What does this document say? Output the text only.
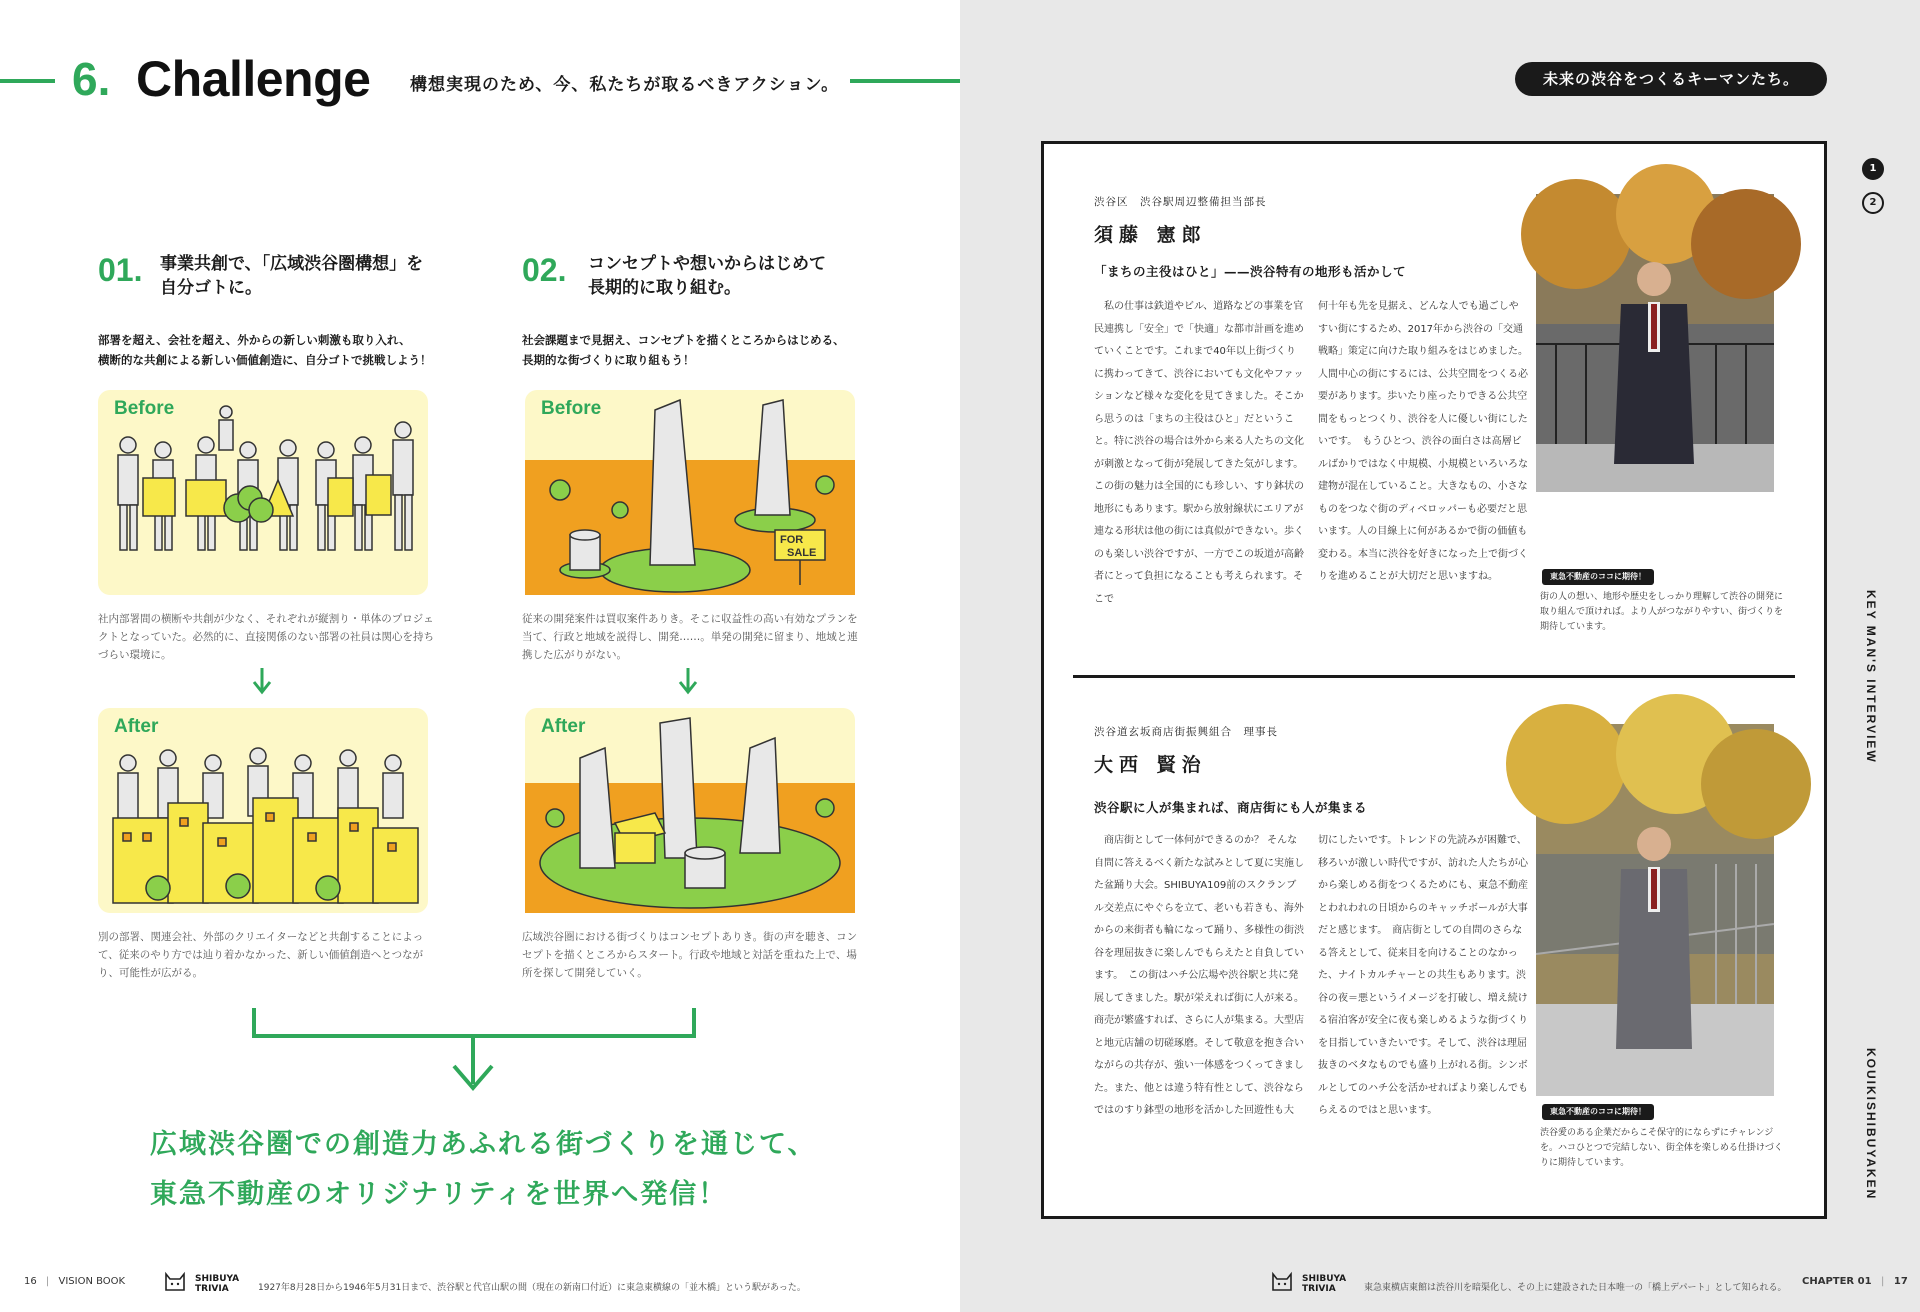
6. Challenge 構想実現のため、今、私たちが取るべきアクション。
01. 事業共創で、「広域渋谷圏構想」を
自分ゴトに。
部署を超え、会社を超え、外からの新しい刺激も取り入れ、
横断的な共創による新しい価値創造に、自分ゴトで挑戦しよう！
Before
社内部署間の横断や共創が少なく、それぞれが縦割り・単体のプロジェクトとなっていた。必然的に、直接関係のない部署の社員は関心を持ちづらい環境に。
After
別の部署、関連会社、外部のクリエイターなどと共創することによって、従来のやり方では辿り着かなかった、新しい価値創造へとつながり、可能性が広がる。
02. コンセプトや想いからはじめて
長期的に取り組む。
社会課題まで見据え、コンセプトを描くところからはじめる、
長期的な街づくりに取り組もう！
FOR
SALE
Before
従来の開発案件は買収案件ありき。そこに収益性の高い有効なプランを当て、行政と地域を説得し、開発……。単発の開発に留まり、地域と連携した広がりがない。
After
広域渋谷圏における街づくりはコンセプトありき。街の声を聴き、コンセプトを描くところからスタート。行政や地域と対話を重ねた上で、場所を探して開発していく。
広域渋谷圏での創造力あふれる街づくりを通じて、
東急不動産のオリジナリティを世界へ発信！
16 | VISION BOOK	SHIBUYA
TRIVIA	1927年8月28日から1946年5月31日まで、渋谷駅と代官山駅の間（現在の新南口付近）に東急東横線の「並木橋」という駅があった。
未来の渋谷をつくるキーマンたち。
渋谷区　渋谷駅周辺整備担当部長
須藤 憲郎
「まちの主役はひと」——渋谷特有の地形も活かして
私の仕事は鉄道やビル、道路などの事業を官民連携し「安全」で「快適」な都市計画を進めていくことです。これまで40年以上街づくりに携わってきて、渋谷においても文化やファッションなど様々な変化を見てきました。そこから思うのは「まちの主役はひと」だということ。特に渋谷の場合は外から来る人たちの文化が刺激となって街が発展してきた気がします。　この街の魅力は全国的にも珍しい、すり鉢状の地形にもあります。駅から放射線状にエリアが連なる形状は他の街には真似ができない。歩くのも楽しい渋谷ですが、一方でこの坂道が高齢者にとって負担になることも考えられます。そこで
何十年も先を見据え、どんな人でも過ごしやすい街にするため、2017年から渋谷の「交通戦略」策定に向けた取り組みをはじめました。人間中心の街にするには、公共空間をつくる必要があります。歩いたり座ったりできる公共空間をもっとつくり、渋谷を人に優しい街にしたいです。　もうひとつ、渋谷の面白さは高層ビルばかりではなく中規模、小規模といろいろな建物が混在していること。大きなもの、小さなものをつなぐ街のディベロッパーも必要だと思います。人の目線上に何があるかで街の価値も変わる。本当に渋谷を好きになった上で街づくりを進めることが大切だと思いますね。	東急不動産のココに期待！
街の人の想い、地形や歴史をしっかり理解して渋谷の開発に取り組んで頂ければ。より人がつながりやすい、街づくりを期待しています。
渋谷道玄坂商店街振興組合　理事長
大西 賢治
渋谷駅に人が集まれば、商店街にも人が集まる
商店街として一体何ができるのか？ そんな自問に答えるべく新たな試みとして夏に実施した盆踊り大会。SHIBUYA109前のスクランブル交差点にやぐらを立て、老いも若きも、海外からの来街者も輪になって踊り、多様性の街渋谷を理屈抜きに楽しんでもらえたと自負しています。　この街はハチ公広場や渋谷駅と共に発展してきました。駅が栄えれば街に人が来る。商売が繁盛すれば、さらに人が集まる。大型店と地元店舗の切磋琢磨。そして敬意を抱き合いながらの共存が、強い一体感をつくってきました。また、他とは違う特有性として、渋谷ならではのすり鉢型の地形を活かした回遊性も大
切にしたいです。トレンドの先読みが困難で、移ろいが激しい時代ですが、訪れた人たちが心から楽しめる街をつくるためにも、東急不動産とわれわれの日頃からのキャッチボールが大事だと感じます。　商店街としての自問のさらなる答えとして、従来目を向けることのなかった、ナイトカルチャーとの共生もあります。渋谷の夜＝悪というイメージを打破し、増え続ける宿泊客が安全に夜も楽しめるような街づくりを目指していきたいです。そして、渋谷は理屈抜きのベタなものでも盛り上がれる街。シンボルとしてのハチ公を活かせればより楽しんでもらえるのではと思います。	東急不動産のココに期待！
渋谷愛のある企業だからこそ保守的にならずにチャレンジを。ハコひとつで完結しない、街全体を楽しめる仕掛けづくりに期待しています。
1
2
KEY MAN'S INTERVIEW
KOUIKISHIBUYAKEN
SHIBUYA
TRIVIA	東急東横店東館は渋谷川を暗渠化し、その上に建設された日本唯一の「橋上デパート」として知られる。
CHAPTER 01 | 17
